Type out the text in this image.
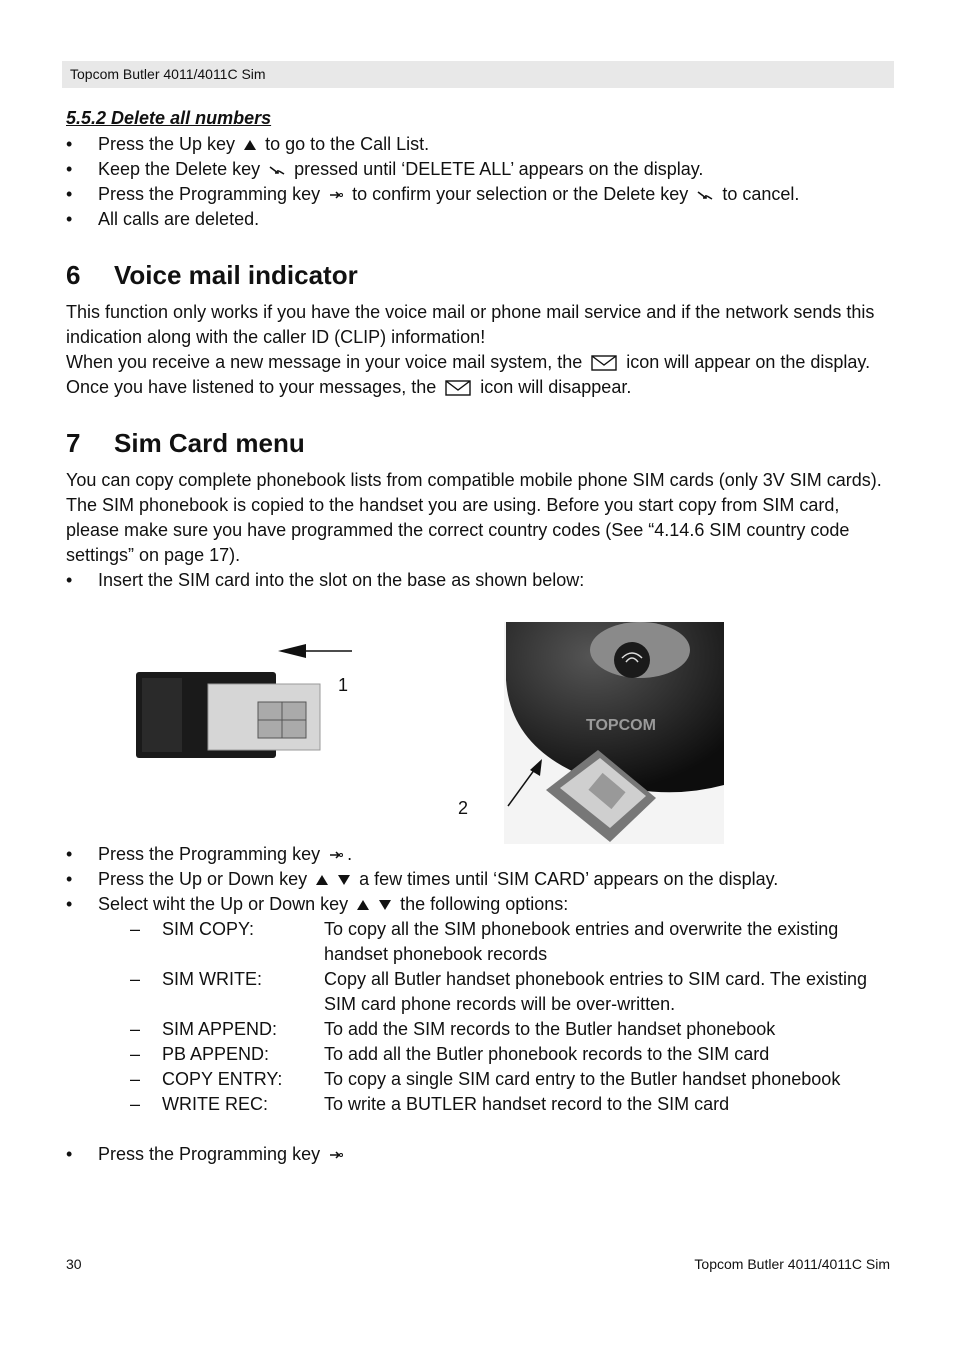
Topcom Butler 4011/4011C Sim
5.5.2 Delete all numbers
• Press the Up key to go to the Call List.
• Keep the Delete key pressed until ‘DELETE ALL’ appears on the display.
• Press the Programming key to confirm your selection or the Delete key to cancel.
• All calls are deleted.
6 Voice mail indicator

This function only works if you have the voice mail or phone mail service and if the network sends this indication along with the caller ID (CLIP) information!

When you receive a new message in your voice mail system, the icon will appear on the display. Once you have listened to your messages, the icon will disappear.

7 Sim Card menu

You can copy complete phonebook lists from compatible mobile phone SIM cards (only 3V SIM cards). The SIM phonebook is copied to the handset you are using. Before you start copy from SIM card, please make sure you have programmed the correct country codes (See “4.14.6 SIM country code settings” on page 17).

• Insert the SIM card into the slot on the base as shown below:
1
TOPCOM
2
• Press the Programming key .
• Press the Up or Down key	a few times until ‘SIM CARD’ appears on the display.
• Select wiht the Up or Down key	the following options:
–	SIM COPY:	To copy all the SIM phonebook entries and overwrite the existing handset phonebook records
–	SIM WRITE:	Copy all Butler handset phonebook entries to SIM card. The existing SIM card phone records will be over-written.
–	SIM APPEND:	To add the SIM records to the Butler handset phonebook
–	PB APPEND:	To add all the Butler phonebook records to the SIM card
–	COPY ENTRY:	To copy a single SIM card entry to the Butler handset phonebook
–	WRITE REC:	To write a BUTLER handset record to the SIM card
• Press the Programming key
30	Topcom Butler 4011/4011C Sim
